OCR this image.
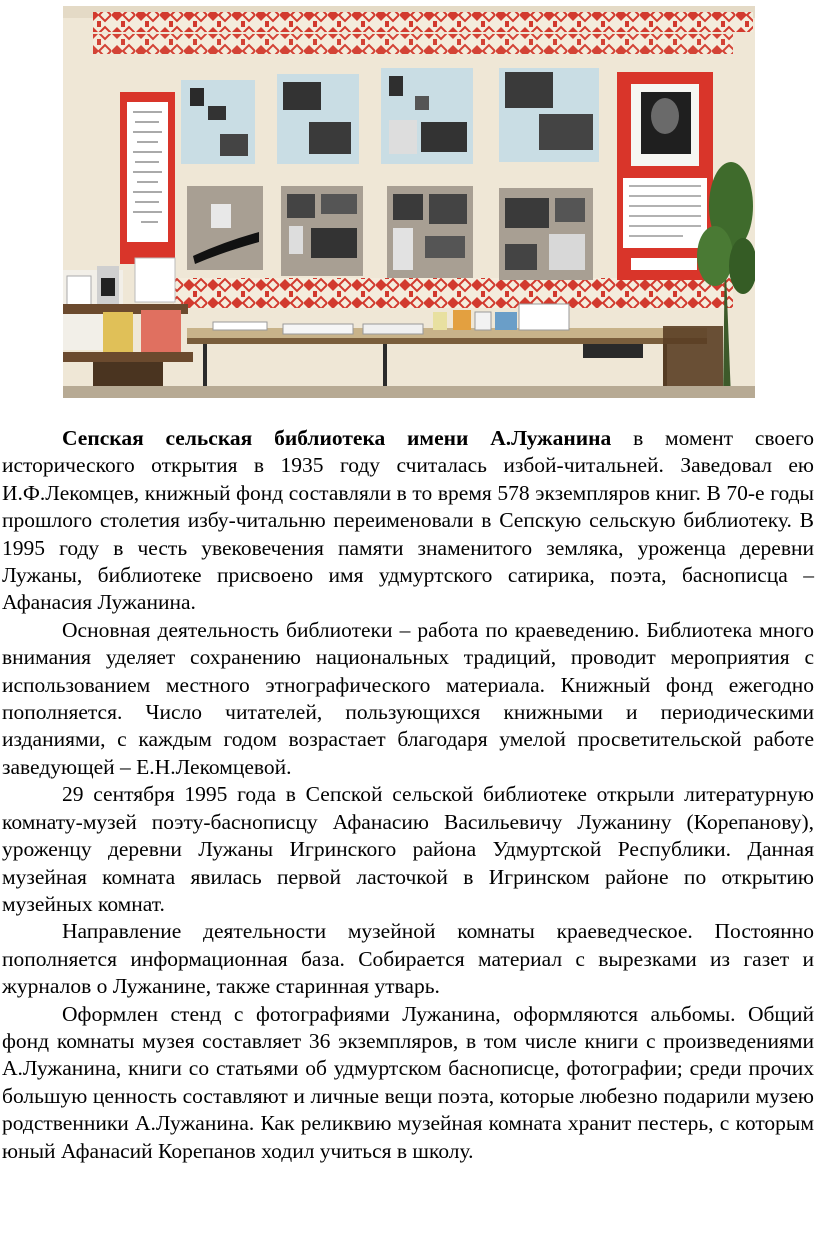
Сепская сельская библиотека имени А.Лужанина в момент своего исторического открытия в 1935 году считалась избой-читальней. Заведовал ею И.Ф.Лекомцев, книжный фонд составляли в то время 578 экземпляров книг. В 70-е годы прошлого столетия избу-читальню переименовали в Сепскую сельскую библиотеку. В 1995 году в честь увековечения памяти знаменитого земляка, уроженца деревни Лужаны, библиотеке присвоено имя удмуртского сатирика, поэта, баснописца – Афанасия Лужанина.

Основная деятельность библиотеки – работа по краеведению. Библиотека много внимания уделяет сохранению национальных традиций, проводит мероприятия с использованием местного этнографического материала. Книжный фонд ежегодно пополняется. Число читателей, пользующихся книжными и периодическими изданиями, с каждым годом возрастает благодаря умелой просветительской работе заведующей – Е.Н.Лекомцевой.

29 сентября 1995 года в Сепской сельской библиотеке открыли литературную комнату-музей поэту-баснописцу Афанасию Васильевичу Лужанину (Корепанову), уроженцу деревни Лужаны Игринского района Удмуртской Республики. Данная музейная комната явилась первой ласточкой в Игринском районе по открытию музейных комнат.

Направление деятельности музейной комнаты краеведческое. Постоянно пополняется информационная база. Собирается материал с вырезками из газет и журналов о Лужанине, также старинная утварь.

Оформлен стенд с фотографиями Лужанина, оформляются альбомы. Общий фонд комнаты музея составляет 36 экземпляров, в том числе книги с произведениями А.Лужанина, книги со статьями об удмуртском баснописце, фотографии; среди прочих большую ценность составляют и личные вещи поэта, которые любезно подарили музею родственники А.Лужанина. Как реликвию музейная комната хранит пестерь, с которым юный Афанасий Корепанов ходил учиться в школу.
